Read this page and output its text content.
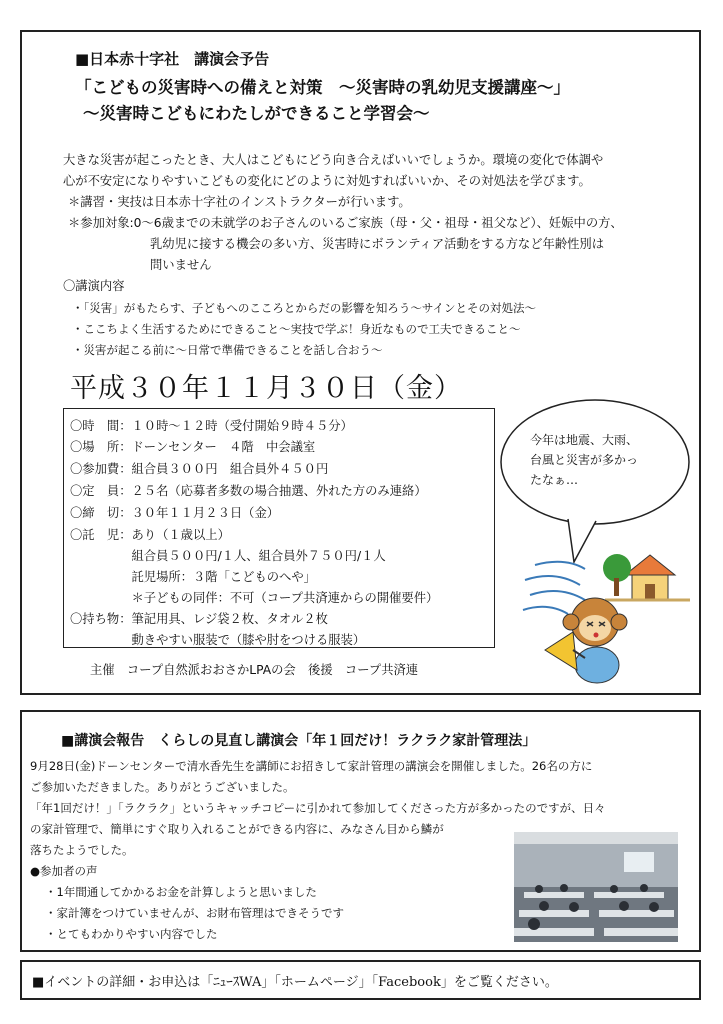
■日本赤十字社　講演会予告
「こどもの災害時への備えと対策　～災害時の乳幼児支援講座～」
～災害時こどもにわたしができること学習会～
大きな災害が起こったとき、大人はこどもにどう向き合えばいいでしょうか。環境の変化で体調や
心が不安定になりやすいこどもの変化にどのように対処すればいいか、その対処法を学びます。
＊講習・実技は日本赤十字社のインストラクターが行います。
＊参加対象:0～6歳までの未就学のお子さんのいるご家族（母・父・祖母・祖父など）、妊娠中の方、
乳幼児に接する機会の多い方、災害時にボランティア活動をする方など年齢性別は
問いません
〇講演内容
・「災害」がもたらす、子どもへのこころとからだの影響を知ろう～サインとその対処法～
・ここちよく生活するためにできること～実技で学ぶ！身近なもので工夫できること～
・災害が起こる前に～日常で準備できることを話し合おう～
平成３０年１１月３０日（金）
〇時　間：１０時～１２時（受付開始９時４５分）
〇場　所：ドーンセンター　４階　中会議室
〇参加費：組合員３００円　組合員外４５０円
〇定　員：２５名（応募者多数の場合抽選、外れた方のみ連絡）
〇締　切：３０年１１月２３日（金）
〇託　児：あり（１歳以上）
　　　　　組合員５００円/１人、組合員外７５０円/１人
　　　　　託児場所：３階「こどものへや」
　　　　　＊子どもの同伴：不可（コープ共済連からの開催要件）
〇持ち物：筆記用具、レジ袋２枚、タオル２枚
　　　　　動きやすい服装で（膝や肘をつける服装）
主催　コープ自然派おおさかLPAの会　後援　コープ共済連
今年は地震、大雨、
台風と災害が多かっ
たなぁ…
■講演会報告　くらしの見直し講演会「年１回だけ！ラクラク家計管理法」
9月28日(金)ドーンセンターで清水香先生を講師にお招きして家計管理の講演会を開催しました。26名の方に
ご参加いただきました。ありがとうございました。
「年1回だけ！」「ラクラク」というキャッチコピーに引かれて参加してくださった方が多かったのですが、日々
の家計管理で、簡単にすぐ取り入れることができる内容に、みなさん目から鱗が
落ちたようでした。
●参加者の声
・1年間通してかかるお金を計算しようと思いました
・家計簿をつけていませんが、お財布管理はできそうです
・とてもわかりやすい内容でした
■イベントの詳細・お申込は「ﾆｭｰｽWA」「ホームページ」「Facebook」をご覧ください。
